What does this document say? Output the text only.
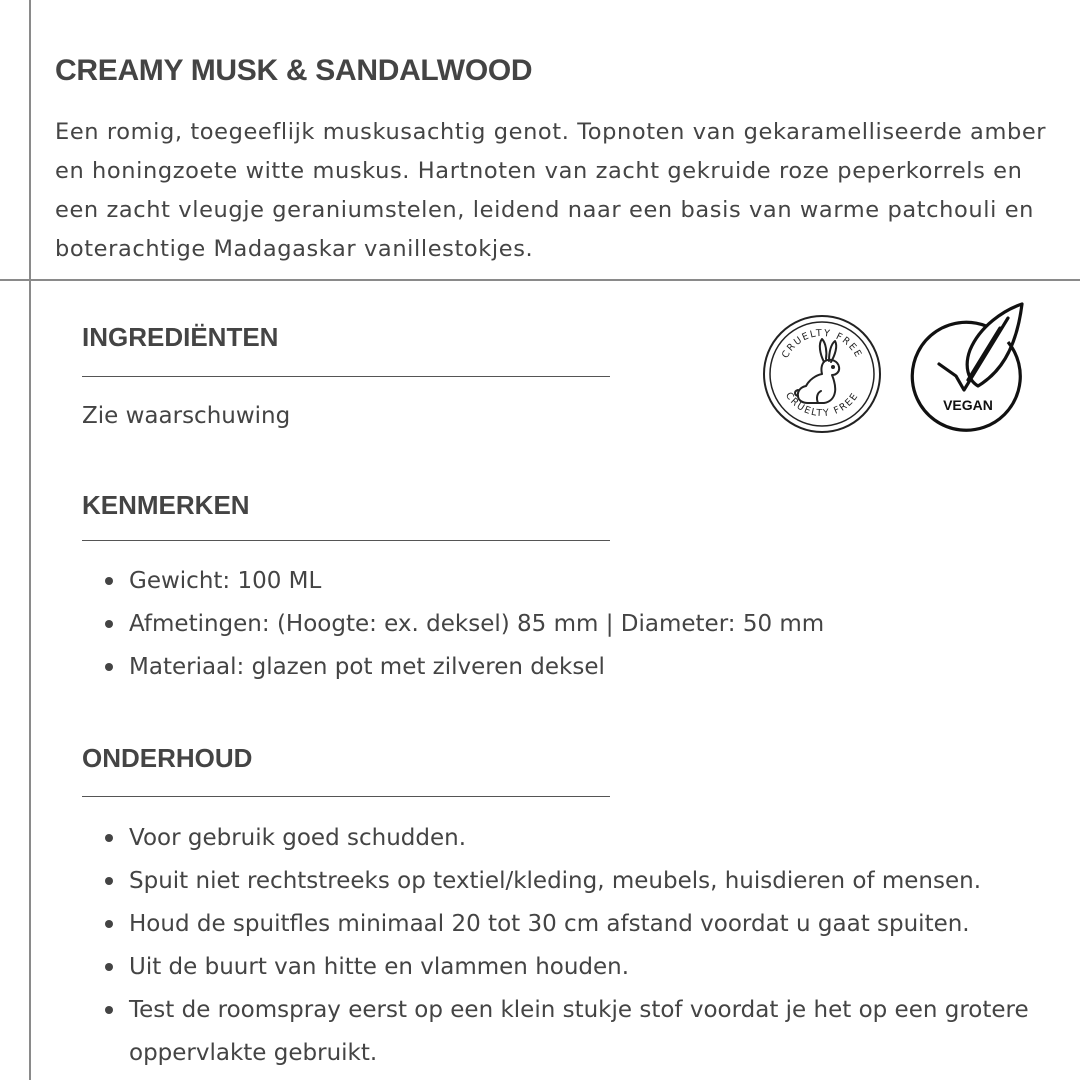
CREAMY MUSK & SANDALWOOD

Een romig, toegeeflijk muskusachtig genot. Topnoten van gekaramelliseerde amber en honingzoete witte muskus. Hartnoten van zacht gekruide roze peperkorrels en een zacht vleugje geraniumstelen, leidend naar een basis van warme patchouli en boterachtige Madagaskar vanillestokjes.

INGREDIËNTEN

Zie waarschuwing

KENMERKEN
Gewicht: 100 ML
Afmetingen: (Hoogte: ex. deksel) 85 mm | Diameter: 50 mm
Materiaal: glazen pot met zilveren deksel
ONDERHOUD
Voor gebruik goed schudden.
Spuit niet rechtstreeks op textiel/kleding, meubels, huisdieren of mensen.
Houd de spuitfles minimaal 20 tot 30 cm afstand voordat u gaat spuiten.
Uit de buurt van hitte en vlammen houden.
Test de roomspray eerst op een klein stukje stof voordat je het op een grotere oppervlakte gebruikt.
CRUELTY FREE
CRUELTY FREE
VEGAN
